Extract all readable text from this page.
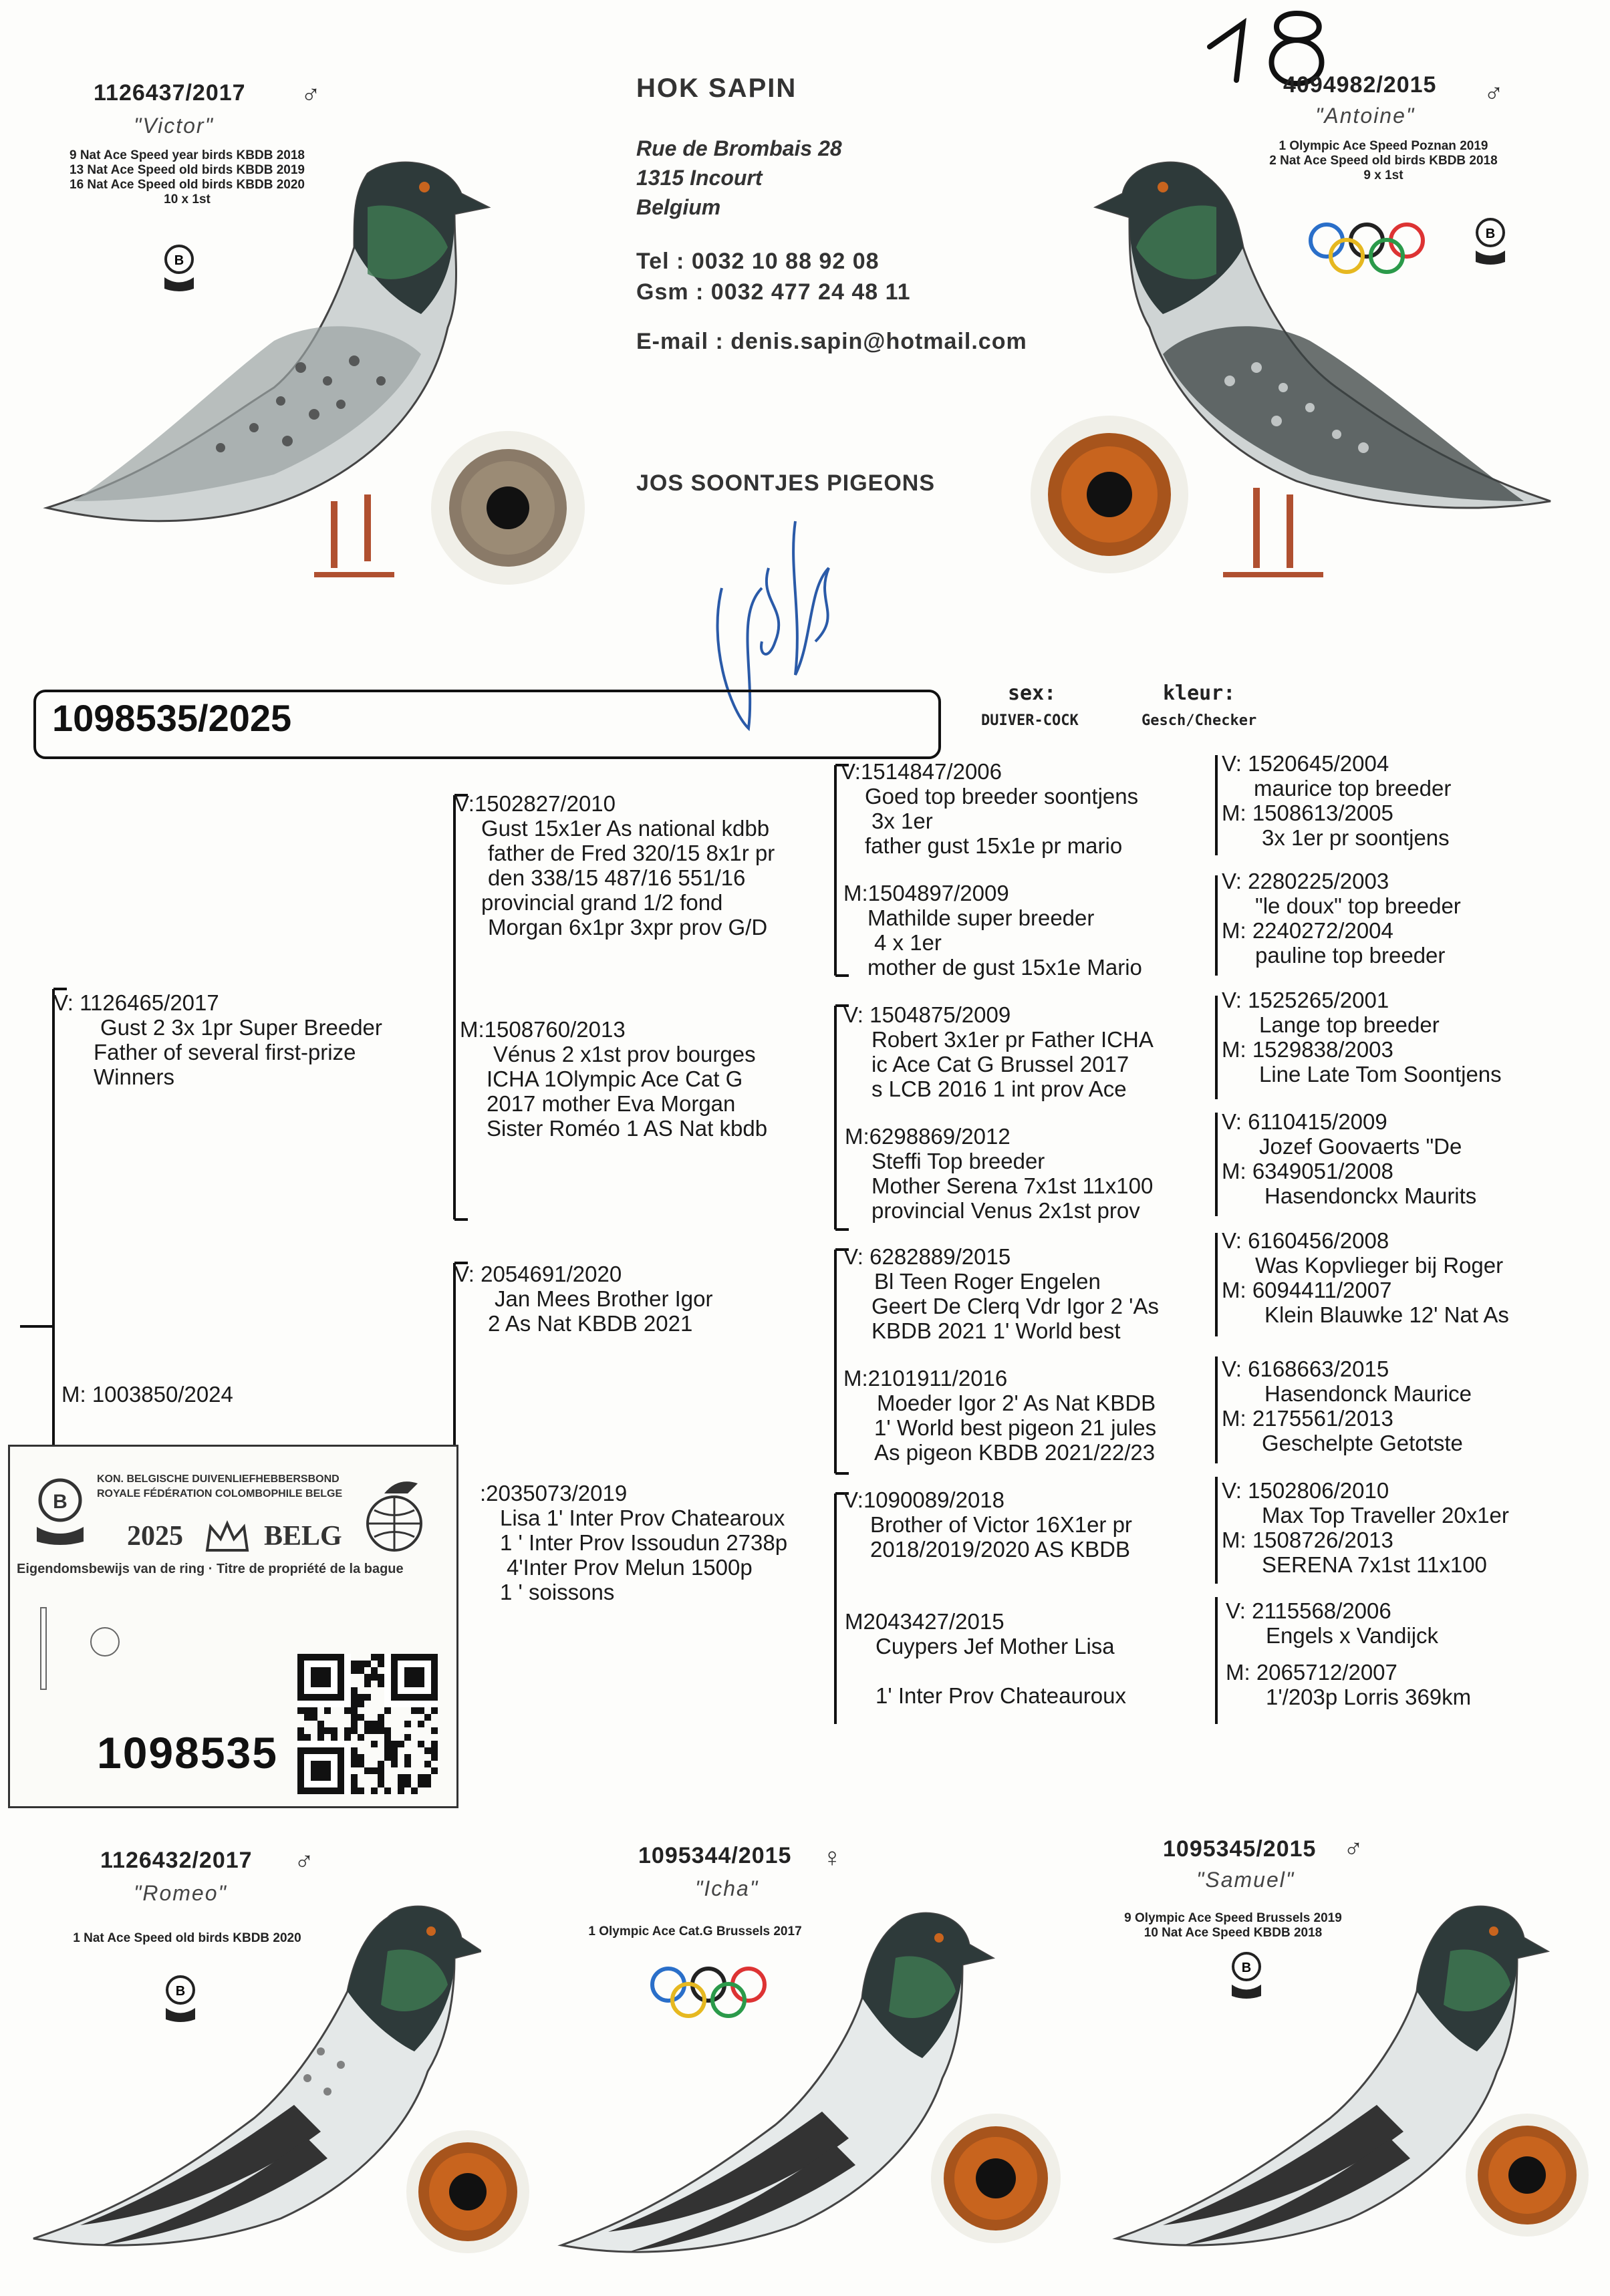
1126437/2017 ♂
"Victor"
9 Nat Ace Speed year birds KBDB 2018
13 Nat Ace Speed old birds KBDB 2019
16 Nat Ace Speed old birds KBDB 2020
10 x 1st
B
HOK SAPIN
Rue de Brombais 28
1315 Incourt
Belgium
Tel : 0032 10 88 92 08
Gsm : 0032 477 24 48 11
E-mail : denis.sapin@hotmail.com
JOS SOONTJES PIGEONS
4094982/2015 ♂
"Antoine"
1 Olympic Ace Speed Poznan 2019
2 Nat Ace Speed old birds KBDB 2018
9 x 1st
B
1098535/2025
sex:
DUIVER-COCK
kleur:
Gesch/Checker
V: 1126465/2017
Gust 2 3x 1pr Super Breeder
Father of several first-prize
Winners
M: 1003850/2024
V:1502827/2010
Gust 15x1er As national kdbb
father de Fred 320/15 8x1r pr
den 338/15 487/16 551/16
provincial grand 1/2 fond
Morgan 6x1pr 3xpr prov G/D
M:1508760/2013
Vénus 2 x1st prov bourges
ICHA 1Olympic Ace Cat G
2017 mother Eva Morgan
Sister Roméo 1 AS Nat kbdb
V: 2054691/2020
Jan Mees Brother Igor
2 As Nat KBDB 2021
:2035073/2019
Lisa 1' Inter Prov Chatearoux
1 ' Inter Prov Issoudun 2738p
4'Inter Prov Melun 1500p
1 ' soissons
V:1514847/2006
Goed top breeder soontjens
3x 1er
father gust 15x1e pr mario
M:1504897/2009
Mathilde super breeder
4 x 1er
mother de gust 15x1e Mario
V: 1504875/2009
Robert 3x1er pr Father ICHA
ic Ace Cat G Brussel 2017
s LCB 2016 1 int prov Ace
M:6298869/2012
Steffi Top breeder
Mother Serena 7x1st 11x100
provincial Venus 2x1st prov
V: 6282889/2015
Bl Teen Roger Engelen
Geert De Clerq Vdr Igor 2 'As
KBDB 2021 1' World best
M:2101911/2016
Moeder Igor 2' As Nat KBDB
1' World best pigeon 21 jules
As pigeon KBDB 2021/22/23
V:1090089/2018
Brother of Victor 16X1er pr
2018/2019/2020 AS KBDB
M2043427/2015
Cuypers Jef Mother Lisa
1' Inter Prov Chateauroux
V: 1520645/2004
maurice top breeder
M: 1508613/2005
3x 1er pr soontjens
V: 2280225/2003
"le doux" top breeder
M: 2240272/2004
pauline top breeder
V: 1525265/2001
Lange top breeder
M: 1529838/2003
Line Late Tom Soontjens
V: 6110415/2009
Jozef Goovaerts "De
M: 6349051/2008
Hasendonckx Maurits
V: 6160456/2008
Was Kopvlieger bij Roger
M: 6094411/2007
Klein Blauwke 12' Nat As
V: 6168663/2015
Hasendonck Maurice
M: 2175561/2013
Geschelpte Getotste
V: 1502806/2010
Max Top Traveller 20x1er
M: 1508726/2013
SERENA 7x1st 11x100
V: 2115568/2006
Engels x Vandijck
M: 2065712/2007
1'/203p Lorris 369km
KON. BELGISCHE DUIVENLIEFHEBBERSBOND
ROYALE FÉDÉRATION COLOMBOPHILE BELGE
B
2025	BELG
Eigendomsbewijs van de ring · Titre de propriété de la bague
1098535
1126432/2017 ♂
"Romeo"
1 Nat Ace Speed old birds KBDB 2020
B
1095344/2015 ♀
"Icha"
1 Olympic Ace Cat.G Brussels 2017
1095345/2015 ♂
"Samuel"
9 Olympic Ace Speed Brussels 2019
10 Nat Ace Speed KBDB 2018
B
